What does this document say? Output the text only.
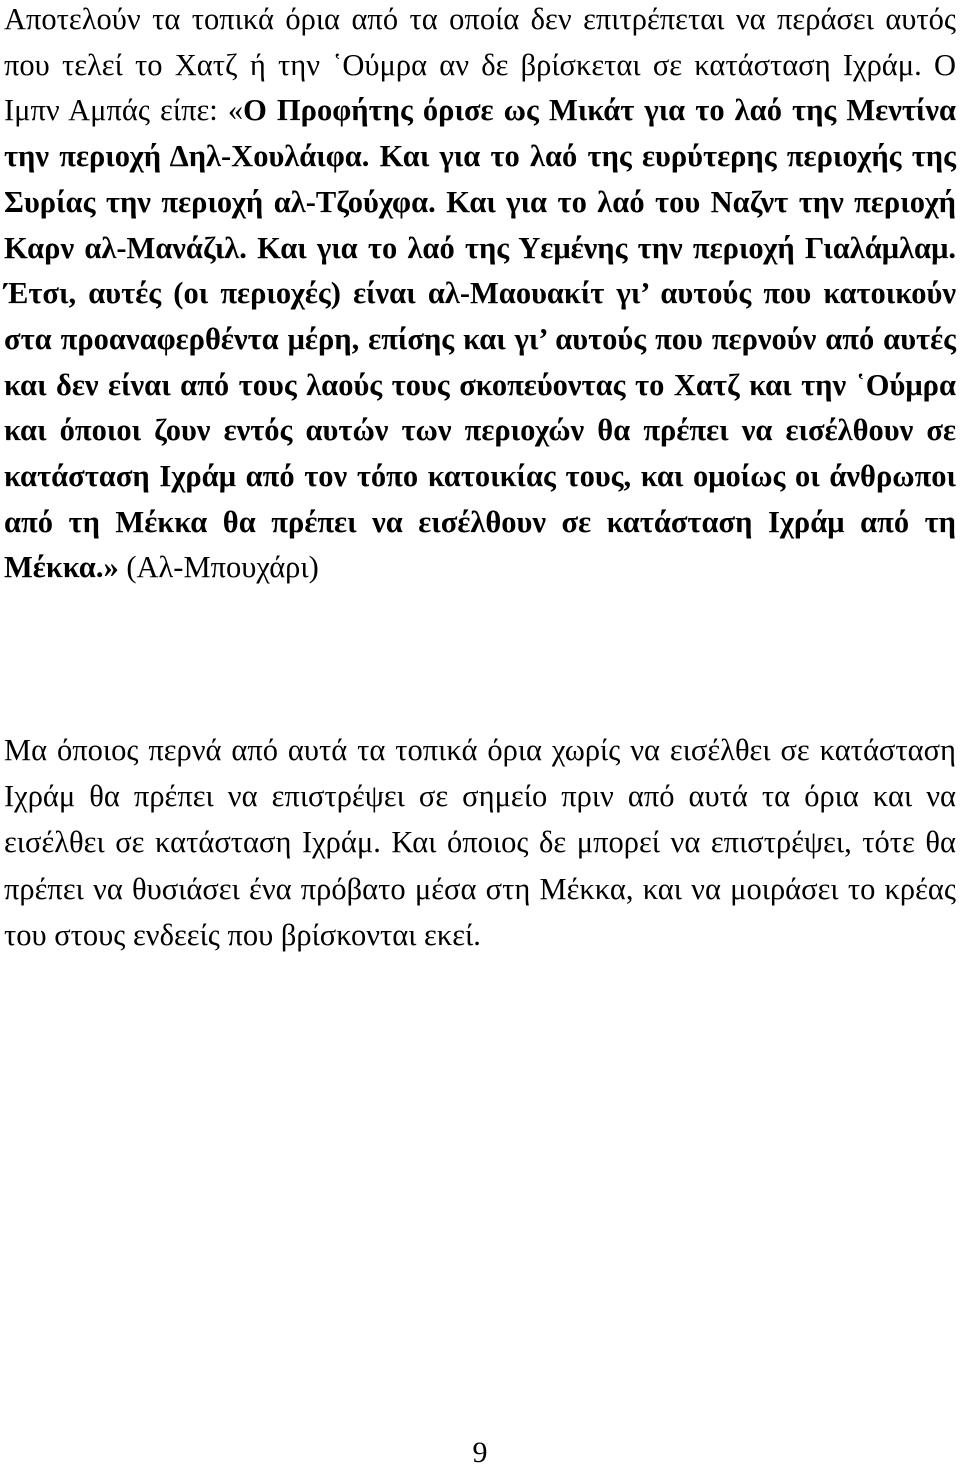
Αποτελούν τα τοπικά όρια από τα οποία δεν επιτρέπεται να περάσει αυτός που τελεί το Χατζ ή την ῾Ούμρα αν δε βρίσκεται σε κατάσταση Ιχράμ. Ο Ιμπν Αμπάς είπε: «Ο Προφήτης όρισε ως Μικάτ για το λαό της Μεντίνα την περιοχή Δηλ-Χουλάιφα. Και για το λαό της ευρύτερης περιοχής της Συρίας την περιοχή αλ-Τζούχφα. Και για το λαό του Ναζντ την περιοχή Καρν αλ-Μανάζιλ. Και για το λαό της Υεμένης την περιοχή Γιαλάμλαμ. Έτσι, αυτές (οι περιοχές) είναι αλ-Μαουακίτ γι’ αυτούς που κατοικούν στα προαναφερθέντα μέρη, επίσης και γι’ αυτούς που περνούν από αυτές και δεν είναι από τους λαούς τους σκοπεύοντας το Χατζ και την ῾Ούμρα και όποιοι ζουν εντός αυτών των περιοχών θα πρέπει να εισέλθουν σε κατάσταση Ιχράμ από τον τόπο κατοικίας τους, και ομοίως οι άνθρωποι από τη Μέκκα θα πρέπει να εισέλθουν σε κατάσταση Ιχράμ από τη Μέκκα.» (Αλ-Μπουχάρι)

Μα όποιος περνά από αυτά τα τοπικά όρια χωρίς να εισέλθει σε κατάσταση Ιχράμ θα πρέπει να επιστρέψει σε σημείο πριν από αυτά τα όρια και να εισέλθει σε κατάσταση Ιχράμ. Και όποιος δε μπορεί να επιστρέψει, τότε θα πρέπει να θυσιάσει ένα πρόβατο μέσα στη Μέκκα, και να μοιράσει το κρέας του στους ενδεείς που βρίσκονται εκεί.

9
